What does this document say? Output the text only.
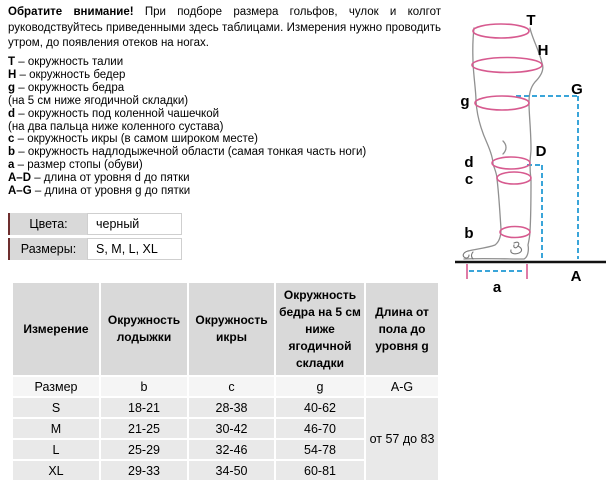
Обратите внимание! При подборе размера гольфов, чулок и колгот руководствуйтесь приведенными здесь таблицами. Измерения нужно проводить утром, до появления отеков на ногах.

T – окружность талии
H – окружность бедер
g – окружность бедра
(на 5 см ниже ягодичной складки)
d – окружность под коленной чашечкой
(на два пальца ниже коленного сустава)
c – окружность икры (в самом широком месте)
b – окружность надлодыжечной области (самая тонкая часть ноги)
a – размер стопы (обуви)
A–D – длина от уровня d до пятки
A–G – длина от уровня g до пятки
Цвета:	черный
Размеры:	S, M, L, XL
Измерение	Окружность лодыжки	Окружность икры	Окружность бедра на 5 см ниже ягодичной складки	Длина от пола до уровня g
Размер	b	c	g	A-G
S	18-21	28-38	40-62	от 57 до 83
M	21-25	30-42	46-70	
L	25-29	32-46	54-78	
XL	29-33	34-50	60-81	
T
H
G
g
D
d
c
b
a
A
